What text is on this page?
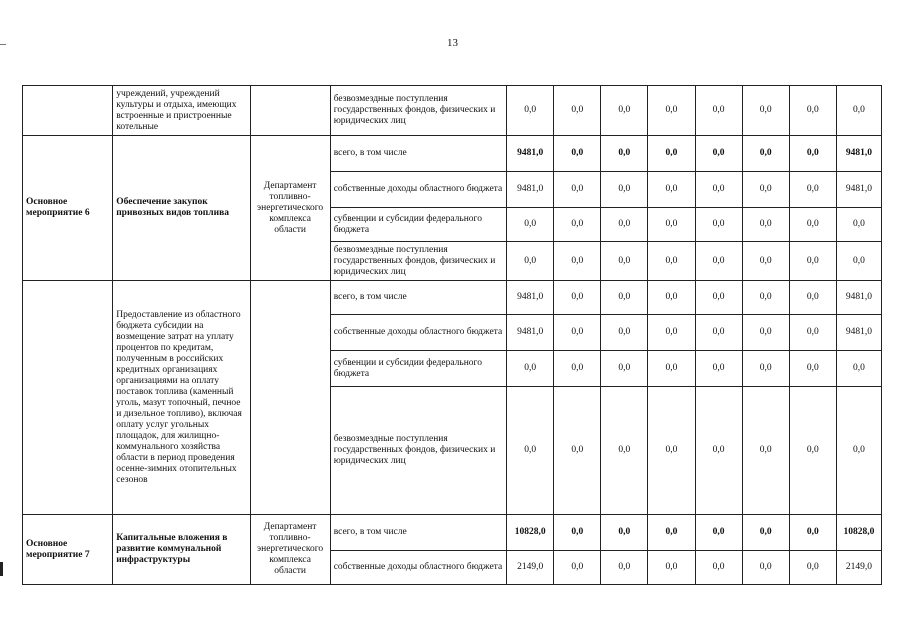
13
	учреждений, учреждений культуры и отдыха, имеющих встроенные и пристроенные котельные		безвозмездные поступления государственных фондов, физических и юридических лиц	0,0	0,0	0,0	0,0	0,0	0,0	0,0	0,0
Основное мероприятие 6	Обеспечение закупок привозных видов топлива	Департамент топливно-энергетического комплекса области	всего, в том числе	9481,0	0,0	0,0	0,0	0,0	0,0	0,0	9481,0
			собственные доходы областного бюджета	9481,0	0,0	0,0	0,0	0,0	0,0	0,0	9481,0
			субвенции и субсидии федерального бюджета	0,0	0,0	0,0	0,0	0,0	0,0	0,0	0,0
			безвозмездные поступления государственных фондов, физических и юридических лиц	0,0	0,0	0,0	0,0	0,0	0,0	0,0	0,0
	Предоставление из областного бюджета субсидии на возмещение затрат на уплату процентов по кредитам, полученным в российских кредитных организациях организациями на оплату поставок топлива (каменный уголь, мазут топочный, печное и дизельное топливо), включая оплату услуг угольных площадок, для жилищно-коммунального хозяйства области в период проведения осенне-зимних отопительных сезонов		всего, в том числе	9481,0	0,0	0,0	0,0	0,0	0,0	0,0	9481,0
			собственные доходы областного бюджета	9481,0	0,0	0,0	0,0	0,0	0,0	0,0	9481,0
			субвенции и субсидии федерального бюджета	0,0	0,0	0,0	0,0	0,0	0,0	0,0	0,0
			безвозмездные поступления государственных фондов, физических и юридических лиц	0,0	0,0	0,0	0,0	0,0	0,0	0,0	0,0
Основное мероприятие 7	Капитальные вложения в развитие коммунальной инфраструктуры	Департамент топливно-энергетического комплекса области	всего, в том числе	10828,0	0,0	0,0	0,0	0,0	0,0	0,0	10828,0
			собственные доходы областного бюджета	2149,0	0,0	0,0	0,0	0,0	0,0	0,0	2149,0
